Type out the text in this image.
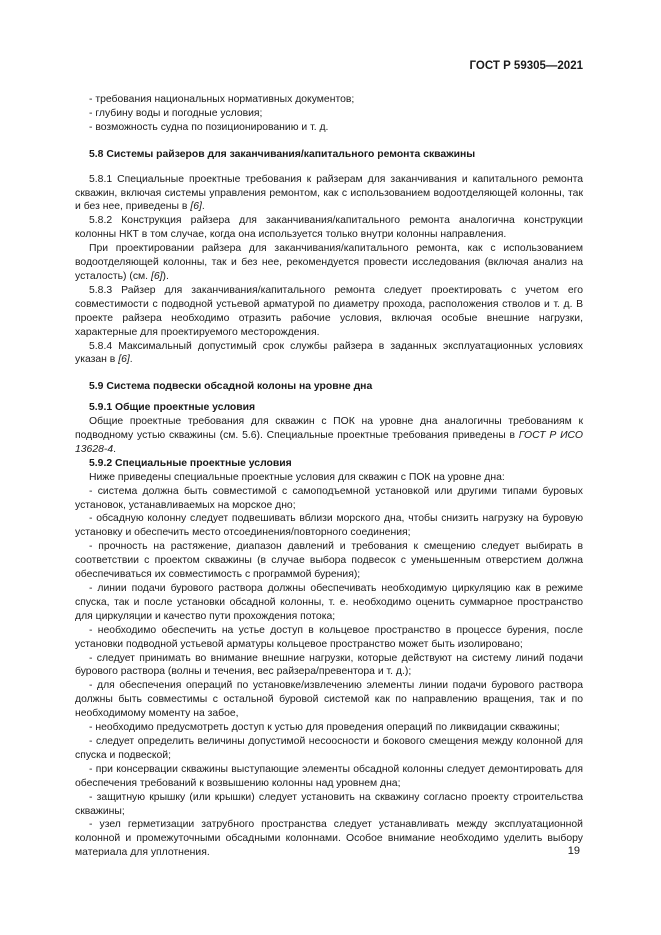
ГОСТ Р 59305—2021

- требования национальных нормативных документов;

- глубину воды и погодные условия;

- возможность судна по позиционированию и т. д.

5.8 Системы райзеров для заканчивания/капитального ремонта скважины

5.8.1 Специальные проектные требования к райзерам для заканчивания и капитального ремонта скважин, включая системы управления ремонтом, как с использованием водоотделяющей колонны, так и без нее, приведены в [6].

5.8.2 Конструкция райзера для заканчивания/капитального ремонта аналогична конструкции колонны НКТ в том случае, когда она используется только внутри колонны направления.

При проектировании райзера для заканчивания/капитального ремонта, как с использованием водоотделяющей колонны, так и без нее, рекомендуется провести исследования (включая анализ на усталость) (см. [6]).

5.8.3 Райзер для заканчивания/капитального ремонта следует проектировать с учетом его совместимости с подводной устьевой арматурой по диаметру прохода, расположения стволов и т. д. В проекте райзера необходимо отразить рабочие условия, включая особые внешние нагрузки, характерные для проектируемого месторождения.

5.8.4 Максимальный допустимый срок службы райзера в заданных эксплуатационных условиях указан в [6].

5.9 Система подвески обсадной колоны на уровне дна

5.9.1 Общие проектные условия

Общие проектные требования для скважин с ПОК на уровне дна аналогичны требованиям к подводному устью скважины (см. 5.6). Специальные проектные требования приведены в ГОСТ Р ИСО 13628-4.

5.9.2 Специальные проектные условия

Ниже приведены специальные проектные условия для скважин с ПОК на уровне дна:

- система должна быть совместимой с самоподъемной установкой или другими типами буровых установок, устанавливаемых на морское дно;

- обсадную колонну следует подвешивать вблизи морского дна, чтобы снизить нагрузку на буровую установку и обеспечить место отсоединения/повторного соединения;

- прочность на растяжение, диапазон давлений и требования к смещению следует выбирать в соответствии с проектом скважины (в случае выбора подвесок с уменьшенным отверстием должна обеспечиваться их совместимость с программой бурения);

- линии подачи бурового раствора должны обеспечивать необходимую циркуляцию как в режиме спуска, так и после установки обсадной колонны, т. е. необходимо оценить суммарное пространство для циркуляции и качество пути прохождения потока;

- необходимо обеспечить на устье доступ в кольцевое пространство в процессе бурения, после установки подводной устьевой арматуры кольцевое пространство может быть изолировано;

- следует принимать во внимание внешние нагрузки, которые действуют на систему линий подачи бурового раствора (волны и течения, вес райзера/превентора и т. д.);

- для обеспечения операций по установке/извлечению элементы линии подачи бурового раствора должны быть совместимы с остальной буровой системой как по направлению вращения, так и по необходимому моменту на забое,

- необходимо предусмотреть доступ к устью для проведения операций по ликвидации скважины;

- следует определить величины допустимой несоосности и бокового смещения между колонной для спуска и подвеской;

- при консервации скважины выступающие элементы обсадной колонны следует демонтировать для обеспечения требований к возвышению колонны над уровнем дна;

- защитную крышку (или крышки) следует установить на скважину согласно проекту строительства скважины;

- узел герметизации затрубного пространства следует устанавливать между эксплуатационной колонной и промежуточными обсадными колоннами. Особое внимание необходимо уделить выбору материала для уплотнения.	19
